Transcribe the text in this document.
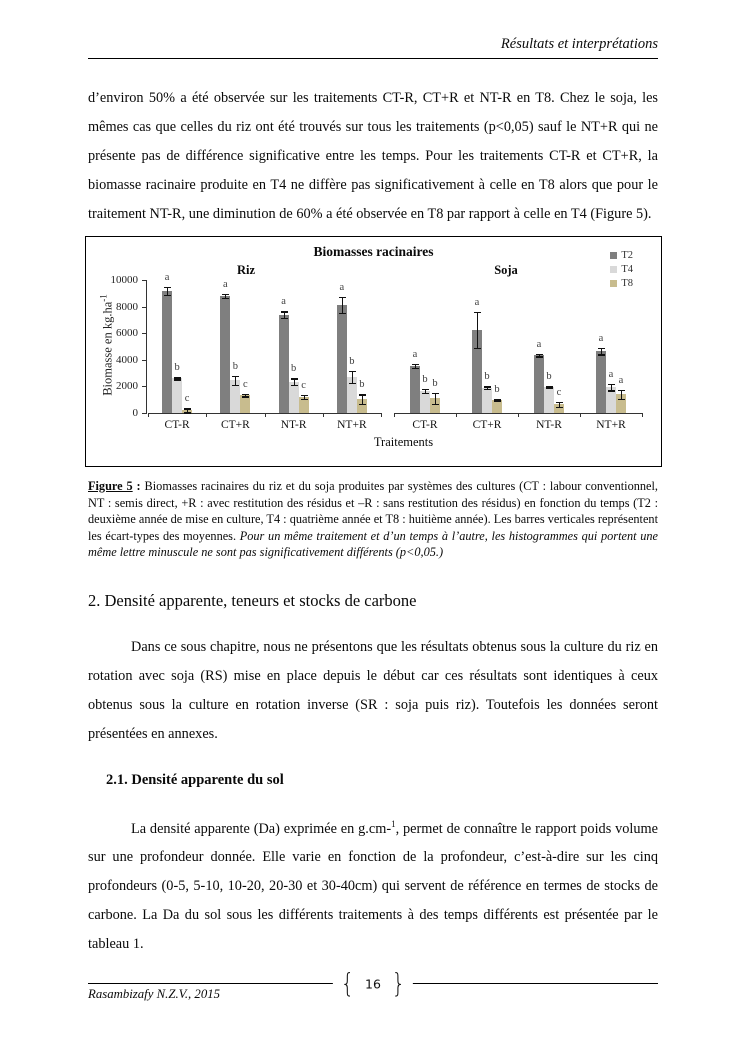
Résultats et interprétations

d’environ 50% a été observée sur les traitements CT-R, CT+R et NT-R en T8. Chez le soja, les mêmes cas que celles du riz ont été trouvés sur tous les traitements (p<0,05) sauf le NT+R qui ne présente pas de différence significative entre les temps. Pour les traitements CT-R et CT+R, la biomasse racinaire produite en T4 ne diffère pas significativement à celle en T8 alors que pour le traitement NT-R, une diminution de 60% a été observée en T8 par rapport à celle en T4 (Figure 5).

Biomasses racinaires	T2
T4
T8
Biomasse en $kg.ha^{-1}$
Traitements
0
2000
4000
6000
8000
10000
Riz
CT-R
a
b
c
CT+R
a
b
c
NT-R
a
b
c
NT+R
a
b
b
Soja
CT-R
a
b b
CT+R
a
b
b
NT-R
a
b
c
NT+R
a
a
a

Figure 5 : Biomasses racinaires du riz et du soja produites par systèmes des cultures (CT : labour conventionnel, NT : semis direct, +R : avec restitution des résidus et –R : sans restitution des résidus) en fonction du temps (T2 : deuxième année de mise en culture, T4 : quatrième année et T8 : huitième année). Les barres verticales représentent les écart-types des moyennes. Pour un même traitement et d’un temps à l’autre, les histogrammes qui portent une même lettre minuscule ne sont pas significativement différents (p<0,05.)

2. Densité apparente, teneurs et stocks de carbone

Dans ce sous chapitre, nous ne présentons que les résultats obtenus sous la culture du riz en rotation avec soja (RS) mise en place depuis le début car ces résultats sont identiques à ceux obtenus sous la culture en rotation inverse (SR : soja puis riz). Toutefois les données seront présentées en annexes.

2.1. Densité apparente du sol

La densité apparente (Da) exprimée en g.cm-$^1$, permet de connaître le rapport poids volume sur une profondeur donnée. Elle varie en fonction de la profondeur, c’est-à-dire sur les cinq profondeurs (0-5, 5-10, 10-20, 20-30 et 30-40cm) qui servent de référence en termes de stocks de carbone. La Da du sol sous les différents traitements à des temps différents est présentée par le tableau 1.

{ 16 }
Rasambizafy N.Z.V., 2015
